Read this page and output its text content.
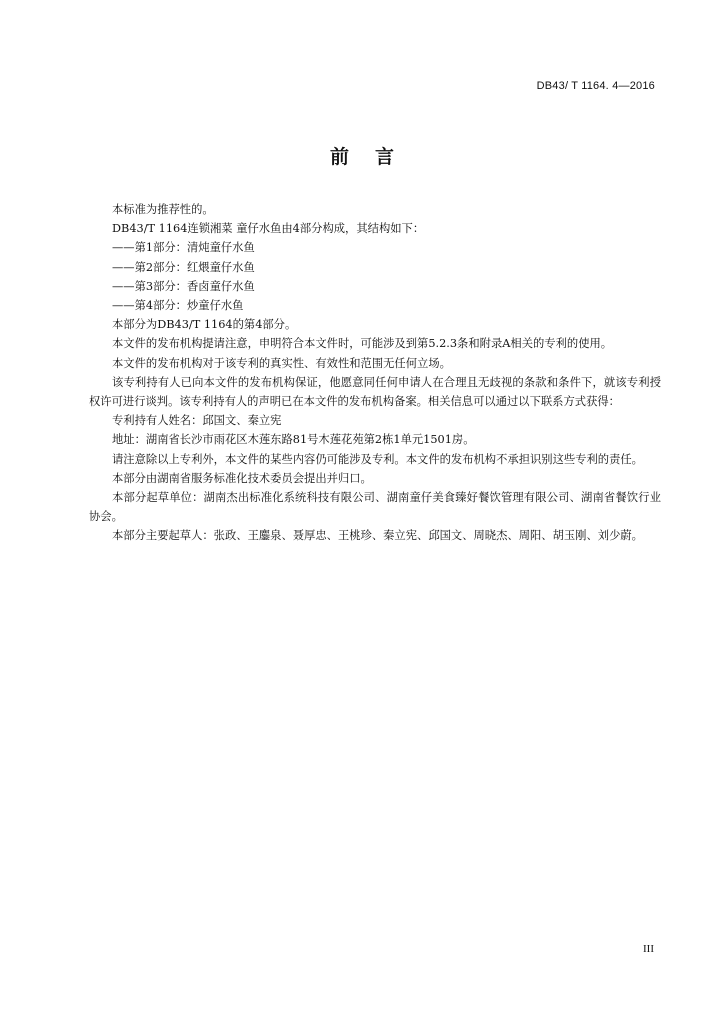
DB43/ T 1164. 4—2016
前言

本标准为推荐性的。

DB43/T 1164连锁湘菜 童仔水鱼由4部分构成，其结构如下：

——第1部分：清炖童仔水鱼

——第2部分：红煨童仔水鱼

——第3部分：香卤童仔水鱼

——第4部分：炒童仔水鱼

本部分为DB43/T 1164的第4部分。

本文件的发布机构提请注意，申明符合本文件时，可能涉及到第5.2.3条和附录A相关的专利的使用。

本文件的发布机构对于该专利的真实性、有效性和范围无任何立场。

该专利持有人已向本文件的发布机构保证，他愿意同任何申请人在合理且无歧视的条款和条件下，就该专利授权许可进行谈判。该专利持有人的声明已在本文件的发布机构备案。相关信息可以通过以下联系方式获得：

专利持有人姓名：邱国文、秦立宪

地址：湖南省长沙市雨花区木莲东路81号木莲花苑第2栋1单元1501房。

请注意除以上专利外，本文件的某些内容仍可能涉及专利。本文件的发布机构不承担识别这些专利的责任。

本部分由湖南省服务标准化技术委员会提出并归口。

本部分起草单位：湖南杰出标准化系统科技有限公司、湖南童仔美食臻好餐饮管理有限公司、湖南省餐饮行业协会。

本部分主要起草人：张政、王鏖泉、聂厚忠、王桃珍、秦立宪、邱国文、周晓杰、周阳、胡玉刚、刘少蔚。

III
